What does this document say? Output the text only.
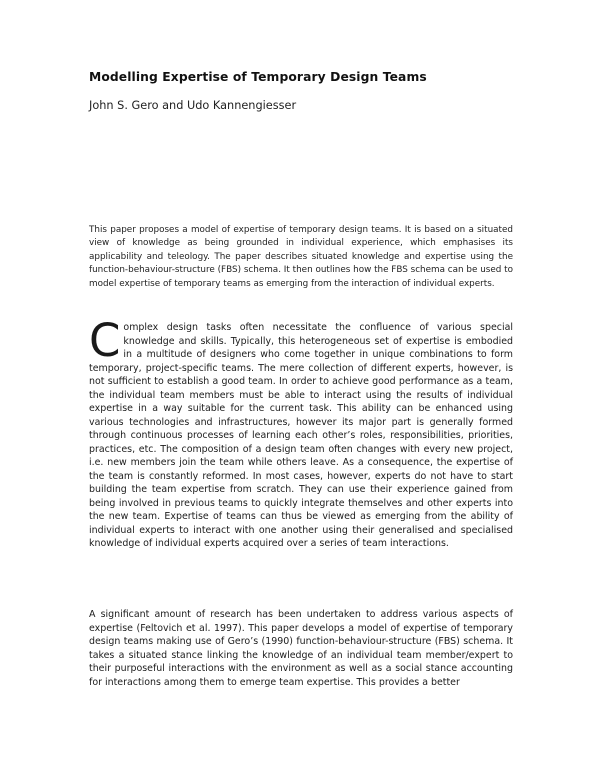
Modelling Expertise of Temporary Design Teams

John S. Gero and Udo Kannengiesser

This paper proposes a model of expertise of temporary design teams. It is based on a situated view of knowledge as being grounded in individual experience, which emphasises its applicability and teleology. The paper describes situated knowledge and expertise using the function-behaviour-structure (FBS) schema. It then outlines how the FBS schema can be used to model expertise of temporary teams as emerging from the interaction of individual experts.

Complex design tasks often necessitate the confluence of various special knowledge and skills. Typically, this heterogeneous set of expertise is embodied in a multitude of designers who come together in unique combinations to form temporary, project-specific teams. The mere collection of different experts, however, is not sufficient to establish a good team. In order to achieve good performance as a team, the individual team members must be able to interact using the results of individual expertise in a way suitable for the current task. This ability can be enhanced using various technologies and infrastructures, however its major part is generally formed through continuous processes of learning each other’s roles, responsibilities, priorities, practices, etc. The composition of a design team often changes with every new project, i.e. new members join the team while others leave. As a consequence, the expertise of the team is constantly reformed. In most cases, however, experts do not have to start building the team expertise from scratch. They can use their experience gained from being involved in previous teams to quickly integrate themselves and other experts into the new team. Expertise of teams can thus be viewed as emerging from the ability of individual experts to interact with one another using their generalised and specialised knowledge of individual experts acquired over a series of team interactions.

A significant amount of research has been undertaken to address various aspects of expertise (Feltovich et al. 1997). This paper develops a model of expertise of temporary design teams making use of Gero’s (1990) function-behaviour-structure (FBS) schema. It takes a situated stance linking the knowledge of an individual team member/expert to their purposeful interactions with the environment as well as a social stance accounting for interactions among them to emerge team expertise. This provides a better
